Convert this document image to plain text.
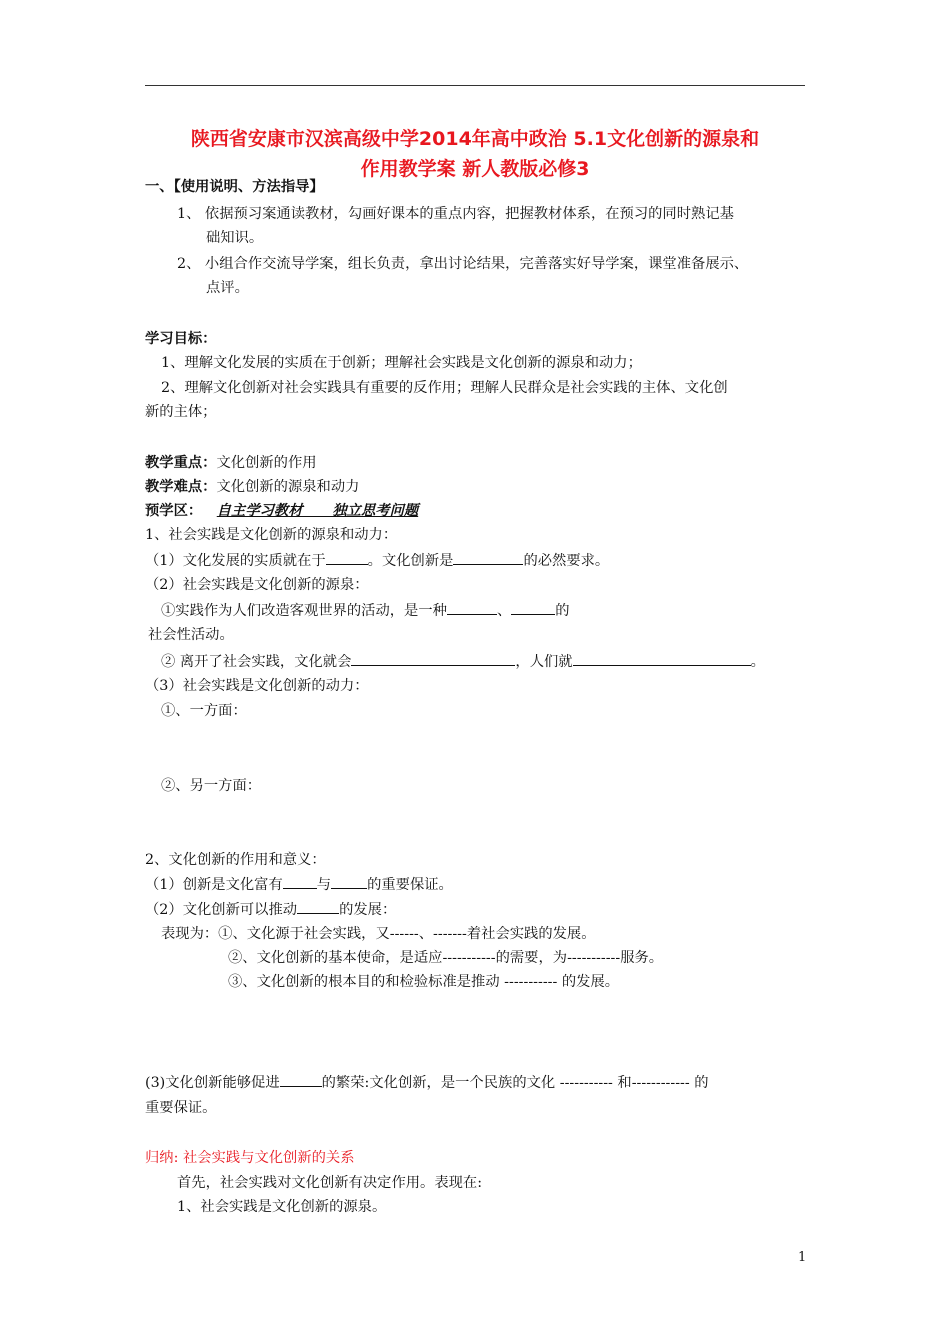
陕西省安康市汉滨高级中学2014年高中政治 5.1文化创新的源泉和
作用教学案 新人教版必修3
一、【使用说明、方法指导】
1、 依据预习案通读教材，勾画好课本的重点内容，把握教材体系，在预习的同时熟记基
础知识。
2、 小组合作交流导学案，组长负责，拿出讨论结果，完善落实好导学案，课堂准备展示、
点评。
学习目标：
1、理解文化发展的实质在于创新；理解社会实践是文化创新的源泉和动力；
2、理解文化创新对社会实践具有重要的反作用；理解人民群众是社会实践的主体、文化创
新的主体；
教学重点：文化创新的作用
教学难点：文化创新的源泉和动力
预学区： 自主学习教材      独立思考问题
1、社会实践是文化创新的源泉和动力：
（1）文化发展的实质就在于	。文化创新是	的必然要求。
（2）社会实践是文化创新的源泉：
①实践作为人们改造客观世界的活动，是一种	、	的
社会性活动。
② 离开了社会实践，文化就会	，人们就	。
（3）社会实践是文化创新的动力：
①、一方面：
②、另一方面：
2、文化创新的作用和意义：
（1）创新是文化富有 与	的重要保证。
（2）文化创新可以推动	的发展：
表现为：①、文化源于社会实践，又------、-------着社会实践的发展。
②、文化创新的基本使命，是适应-----------的需要，为-----------服务。
③、文化创新的根本目的和检验标准是推动 ----------- 的发展。
(3)文化创新能够促进	的繁荣:文化创新，是一个民族的文化 ----------- 和------------ 的
重要保证。
归纳: 社会实践与文化创新的关系
首先，社会实践对文化创新有决定作用。表现在:
1、社会实践是文化创新的源泉。
1
